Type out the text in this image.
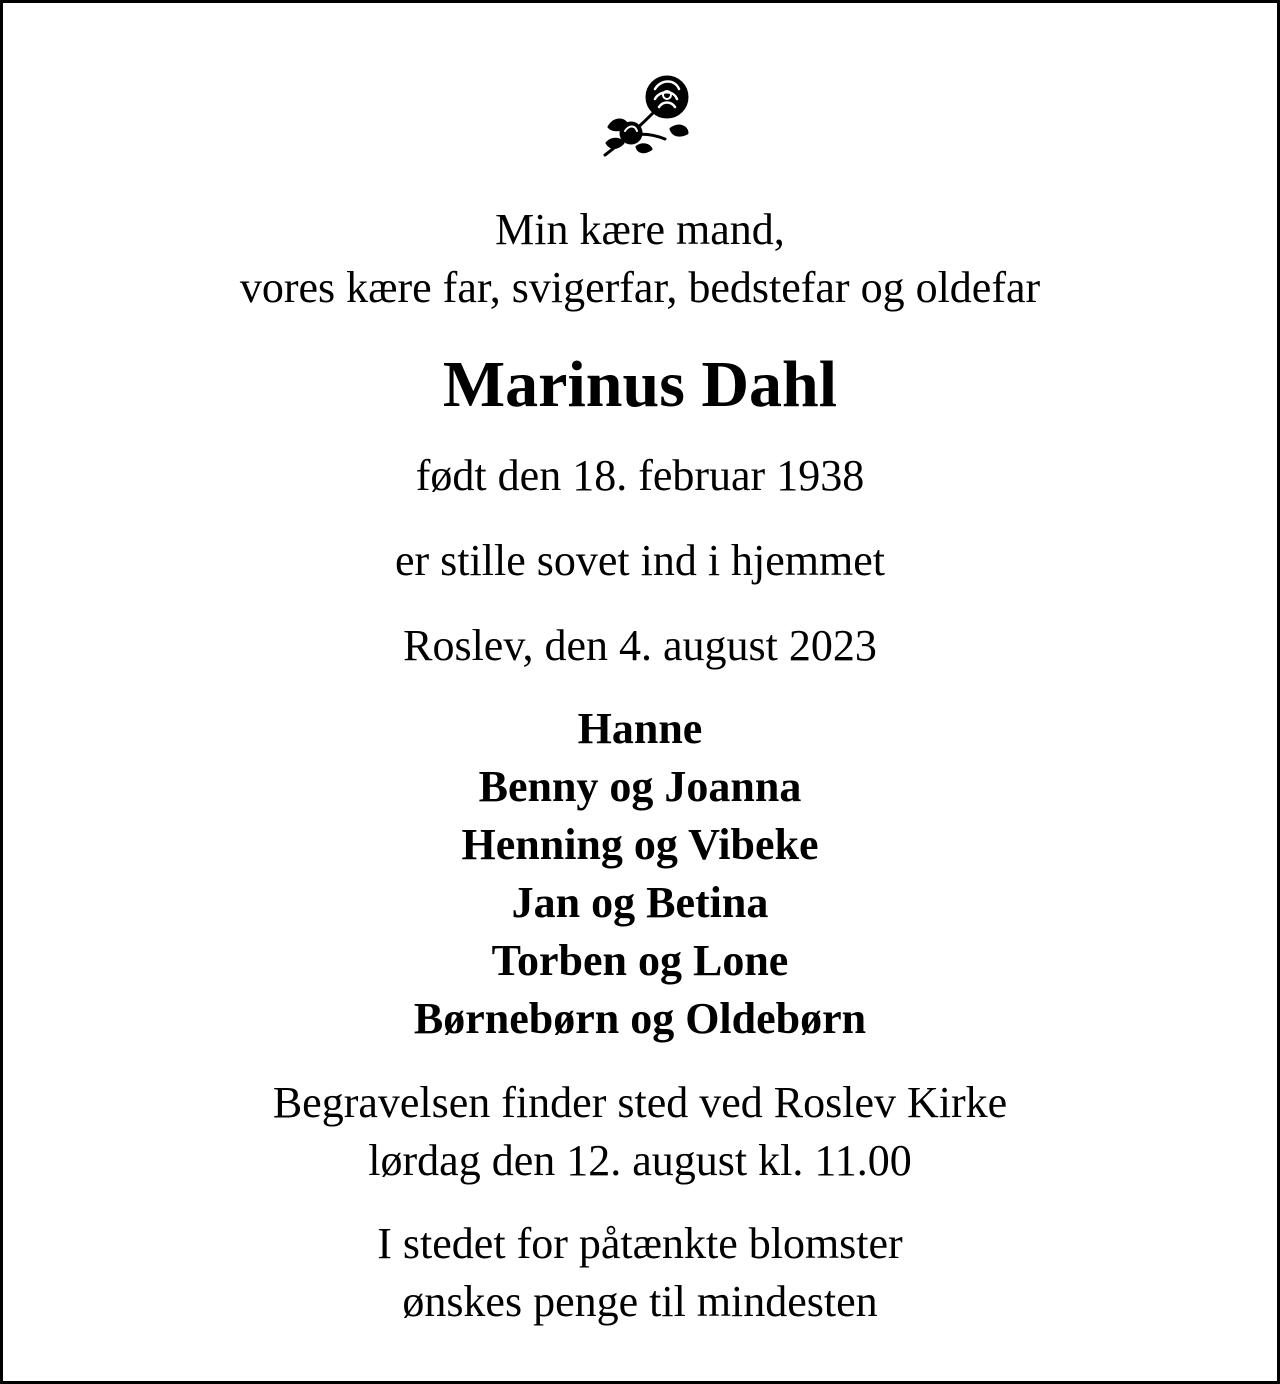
Min kære mand,
vores kære far, svigerfar, bedstefar og oldefar
Marinus Dahl
født den 18. februar 1938
er stille sovet ind i hjemmet
Roslev, den 4. august 2023
Hanne
Benny og Joanna
Henning og Vibeke
Jan og Betina
Torben og Lone
Børnebørn og Oldebørn
Begravelsen finder sted ved Roslev Kirke
lørdag den 12. august kl. 11.00
I stedet for påtænkte blomster
ønskes penge til mindesten
